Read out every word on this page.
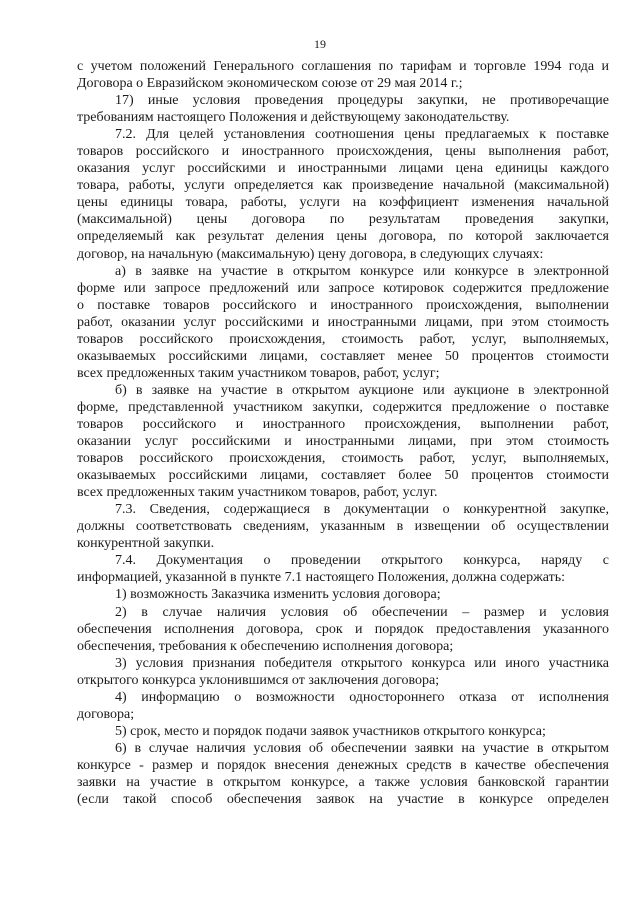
19
с учетом положений Генерального соглашения по тарифам и торговле 1994 года и
Договора о Евразийском экономическом союзе от 29 мая 2014 г.;
17) иные условия проведения процедуры закупки, не противоречащие
требованиям настоящего Положения и действующему законодательству.
7.2. Для целей установления соотношения цены предлагаемых к поставке
товаров российского и иностранного происхождения, цены выполнения работ,
оказания услуг российскими и иностранными лицами цена единицы каждого
товара, работы, услуги определяется как произведение начальной (максимальной)
цены единицы товара, работы, услуги на коэффициент изменения начальной
(максимальной) цены договора по результатам проведения закупки,
определяемый как результат деления цены договора, по которой заключается
договор, на начальную (максимальную) цену договора, в следующих случаях:
а) в заявке на участие в открытом конкурсе или конкурсе в электронной
форме или запросе предложений или запросе котировок содержится предложение
о поставке товаров российского и иностранного происхождения, выполнении
работ, оказании услуг российскими и иностранными лицами, при этом стоимость
товаров российского происхождения, стоимость работ, услуг, выполняемых,
оказываемых российскими лицами, составляет менее 50 процентов стоимости
всех предложенных таким участником товаров, работ, услуг;
б) в заявке на участие в открытом аукционе или аукционе в электронной
форме, представленной участником закупки, содержится предложение о поставке
товаров российского и иностранного происхождения, выполнении работ,
оказании услуг российскими и иностранными лицами, при этом стоимость
товаров российского происхождения, стоимость работ, услуг, выполняемых,
оказываемых российскими лицами, составляет более 50 процентов стоимости
всех предложенных таким участником товаров, работ, услуг.
7.3. Сведения, содержащиеся в документации о конкурентной закупке,
должны соответствовать сведениям, указанным в извещении об осуществлении
конкурентной закупки.
7.4. Документация о проведении открытого конкурса, наряду с
информацией, указанной в пункте 7.1 настоящего Положения, должна содержать:
1) возможность Заказчика изменить условия договора;
2) в случае наличия условия об обеспечении – размер и условия
обеспечения исполнения договора, срок и порядок предоставления указанного
обеспечения, требования к обеспечению исполнения договора;
3) условия признания победителя открытого конкурса или иного участника
открытого конкурса уклонившимся от заключения договора;
4) информацию о возможности одностороннего отказа от исполнения
договора;
5) срок, место и порядок подачи заявок участников открытого конкурса;
6) в случае наличия условия об обеспечении заявки на участие в открытом
конкурсе - размер и порядок внесения денежных средств в качестве обеспечения
заявки на участие в открытом конкурсе, а также условия банковской гарантии
(если такой способ обеспечения заявок на участие в конкурсе определен
